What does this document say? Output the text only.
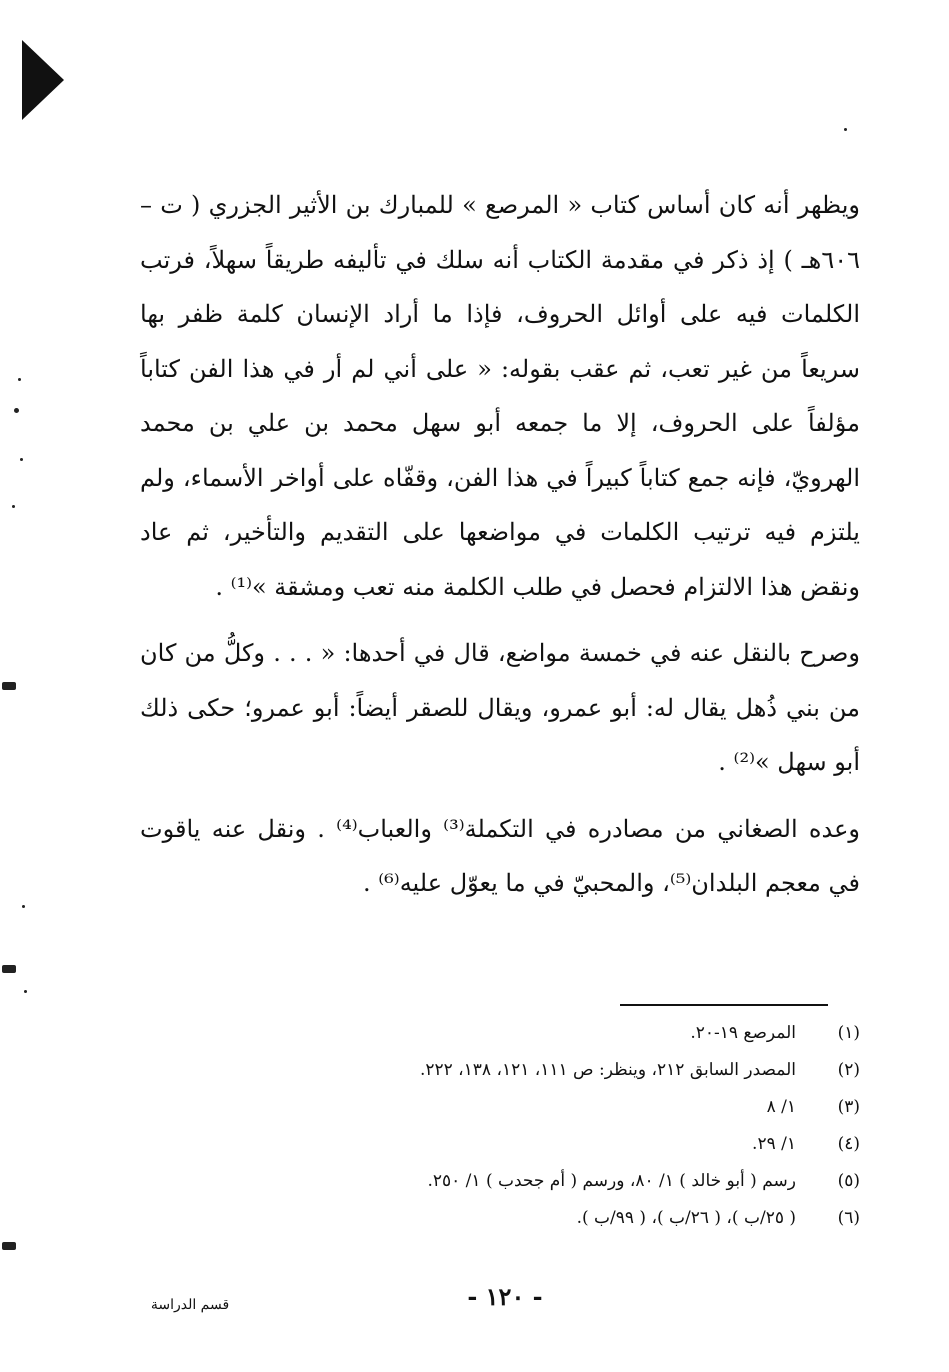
ويظهر أنه كان أساس كتاب « المرصع » للمبارك بن الأثير الجزري ( ت – ٦٠٦هـ ) إذ ذكر في مقدمة الكتاب أنه سلك في تأليفه طريقاً سهلاً، فرتب الكلمات فيه على أوائل الحروف، فإذا ما أراد الإنسان كلمة ظفر بها سريعاً من غير تعب، ثم عقب بقوله: « على أني لم أر في هذا الفن كتاباً مؤلفاً على الحروف، إلا ما جمعه أبو سهل محمد بن علي بن محمد الهرويّ، فإنه جمع كتاباً كبيراً في هذا الفن، وقفّاه على أواخر الأسماء، ولم يلتزم فيه ترتيب الكلمات في مواضعها على التقديم والتأخير، ثم عاد ونقض هذا الالتزام فحصل في طلب الكلمة منه تعب ومشقة »⁽¹⁾ .

وصرح بالنقل عنه في خمسة مواضع، قال في أحدها: « . . . وكلُّ من كان من بني ذُهل يقال له: أبو عمرو، ويقال للصقر أيضاً: أبو عمرو؛ حكى ذلك أبو سهل »⁽²⁾ .

وعده الصغاني من مصادره في التكملة⁽³⁾ والعباب⁽⁴⁾ . ونقل عنه ياقوت في معجم البلدان⁽⁵⁾، والمحبيّ في ما يعوّل عليه⁽⁶⁾ .

(١)
المرصع ١٩-٢٠.
(٢)
المصدر السابق ٢١٢، وينظر: ص ١١١، ١٢١، ١٣٨، ٢٢٢.
(٣)
١/ ٨
(٤)
١/ ٢٩.
(٥)
رسم ( أبو خالد ) ١/ ٨٠، ورسم ( أم جحدب ) ١/ ٢٥٠.
(٦)
( ٢٥/ب )، ( ٢٦/ب )، ( ٩٩/ب ).
- ١٢٠ -
قسم الدراسة
